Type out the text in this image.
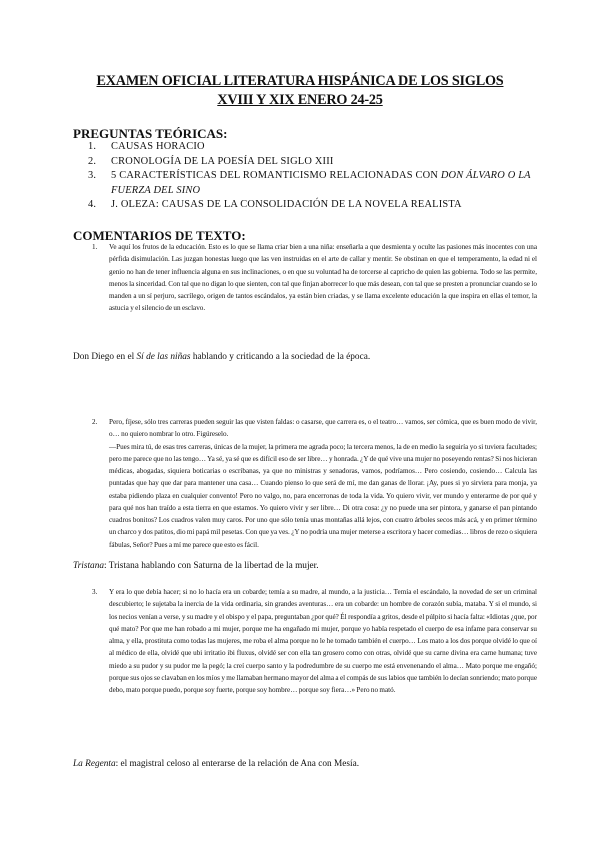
EXAMEN OFICIAL LITERATURA HISPÁNICA DE LOS SIGLOS
XVIII Y XIX ENERO 24-25
PREGUNTAS TEÓRICAS:
1. CAUSAS HORACIO
2. CRONOLOGÍA DE LA POESÍA DEL SIGLO XIII
3. 5 CARACTERÍSTICAS DEL ROMANTICISMO RELACIONADAS CON DON ÁLVARO O LA FUERZA DEL SINO
4. J. OLEZA: CAUSAS DE LA CONSOLIDACIÓN DE LA NOVELA REALISTA
COMENTARIOS DE TEXTO:
1. Ve aquí los frutos de la educación. Esto es lo que se llama criar bien a una niña: enseñarla a que desmienta y oculte las pasiones más inocentes con una pérfida disimulación. Las juzgan honestas luego que las ven instruidas en el arte de callar y mentir. Se obstinan en que el temperamento, la edad ni el genio no han de tener influencia alguna en sus inclinaciones, o en que su voluntad ha de torcerse al capricho de quien las gobierna. Todo se las permite, menos la sinceridad. Con tal que no digan lo que sienten, con tal que finjan aborrecer lo que más desean, con tal que se presten a pronunciar cuando se lo manden a un sí perjuro, sacrílego, origen de tantos escándalos, ya están bien criadas, y se llama excelente educación la que inspira en ellas el temor, la astucia y el silencio de un esclavo.
Don Diego en el Sí de las niñas hablando y criticando a la sociedad de la época.
2. Pero, fíjese, sólo tres carreras pueden seguir las que visten faldas: o casarse, que carrera es, o el teatro… vamos, ser cómica, que es buen modo de vivir, o… no quiero nombrar lo otro. Figúreselo.
—Pues mira tú, de esas tres carreras, únicas de la mujer, la primera me agrada poco; la tercera menos, la de en medio la seguiría yo si tuviera facultades; pero me parece que no las tengo… Ya sé, ya sé que es difícil eso de ser libre… y honrada. ¿Y de qué vive una mujer no poseyendo rentas? Si nos hicieran médicas, abogadas, siquiera boticarias o escribanas, ya que no ministras y senadoras, vamos, podríamos… Pero cosiendo, cosiendo… Calcula las puntadas que hay que dar para mantener una casa… Cuando pienso lo que será de mí, me dan ganas de llorar. ¡Ay, pues si yo sirviera para monja, ya estaba pidiendo plaza en cualquier convento! Pero no valgo, no, para encerronas de toda la vida. Yo quiero vivir, ver mundo y enterarme de por qué y para qué nos han traído a esta tierra en que estamos. Yo quiero vivir y ser libre… Di otra cosa: ¿y no puede una ser pintora, y ganarse el pan pintando cuadros bonitos? Los cuadros valen muy caros. Por uno que sólo tenía unas montañas allá lejos, con cuatro árboles secos más acá, y en primer término un charco y dos patitos, dio mi papá mil pesetas. Con que ya ves. ¿Y no podría una mujer meterse a escritora y hacer comedias… libros de rezo o siquiera fábulas, Señor? Pues a mí me parece que esto es fácil.
Tristana: Tristana hablando con Saturna de la libertad de la mujer.
3. Y era lo que debía hacer; si no lo hacía era un cobarde; temía a su madre, al mundo, a la justicia… Temía el escándalo, la novedad de ser un criminal descubierto; le sujetaba la inercia de la vida ordinaria, sin grandes aventuras… era un cobarde: un hombre de corazón subía, mataba. Y si el mundo, si los necios venían a verse, y su madre y el obispo y el papa, preguntaban ¿por qué? Él respondía a gritos, desde el púlpito si hacía falta: «Idiotas ¿que, por qué mato? Por que me han robado a mi mujer, porque me ha engañado mi mujer, porque yo había respetado el cuerpo de esa infame para conservar su alma, y ella, prostituta como todas las mujeres, me roba el alma porque no le he tomado también el cuerpo… Los mato a los dos porque olvidé lo que oí al médico de ella, olvidé que ubi irritatio ibi fluxus, olvidé ser con ella tan grosero como con otras, olvidé que su carne divina era carne humana; tuve miedo a su pudor y su pudor me la pegó; la creí cuerpo santo y la podredumbre de su cuerpo me está envenenando el alma… Mato porque me engañó; porque sus ojos se clavaban en los míos y me llamaban hermano mayor del alma a el compás de sus labios que también lo decían sonriendo; mato porque debo, mato porque puedo, porque soy fuerte, porque soy hombre… porque soy fiera…» Pero no mató.
La Regenta: el magistral celoso al enterarse de la relación de Ana con Mesía.
